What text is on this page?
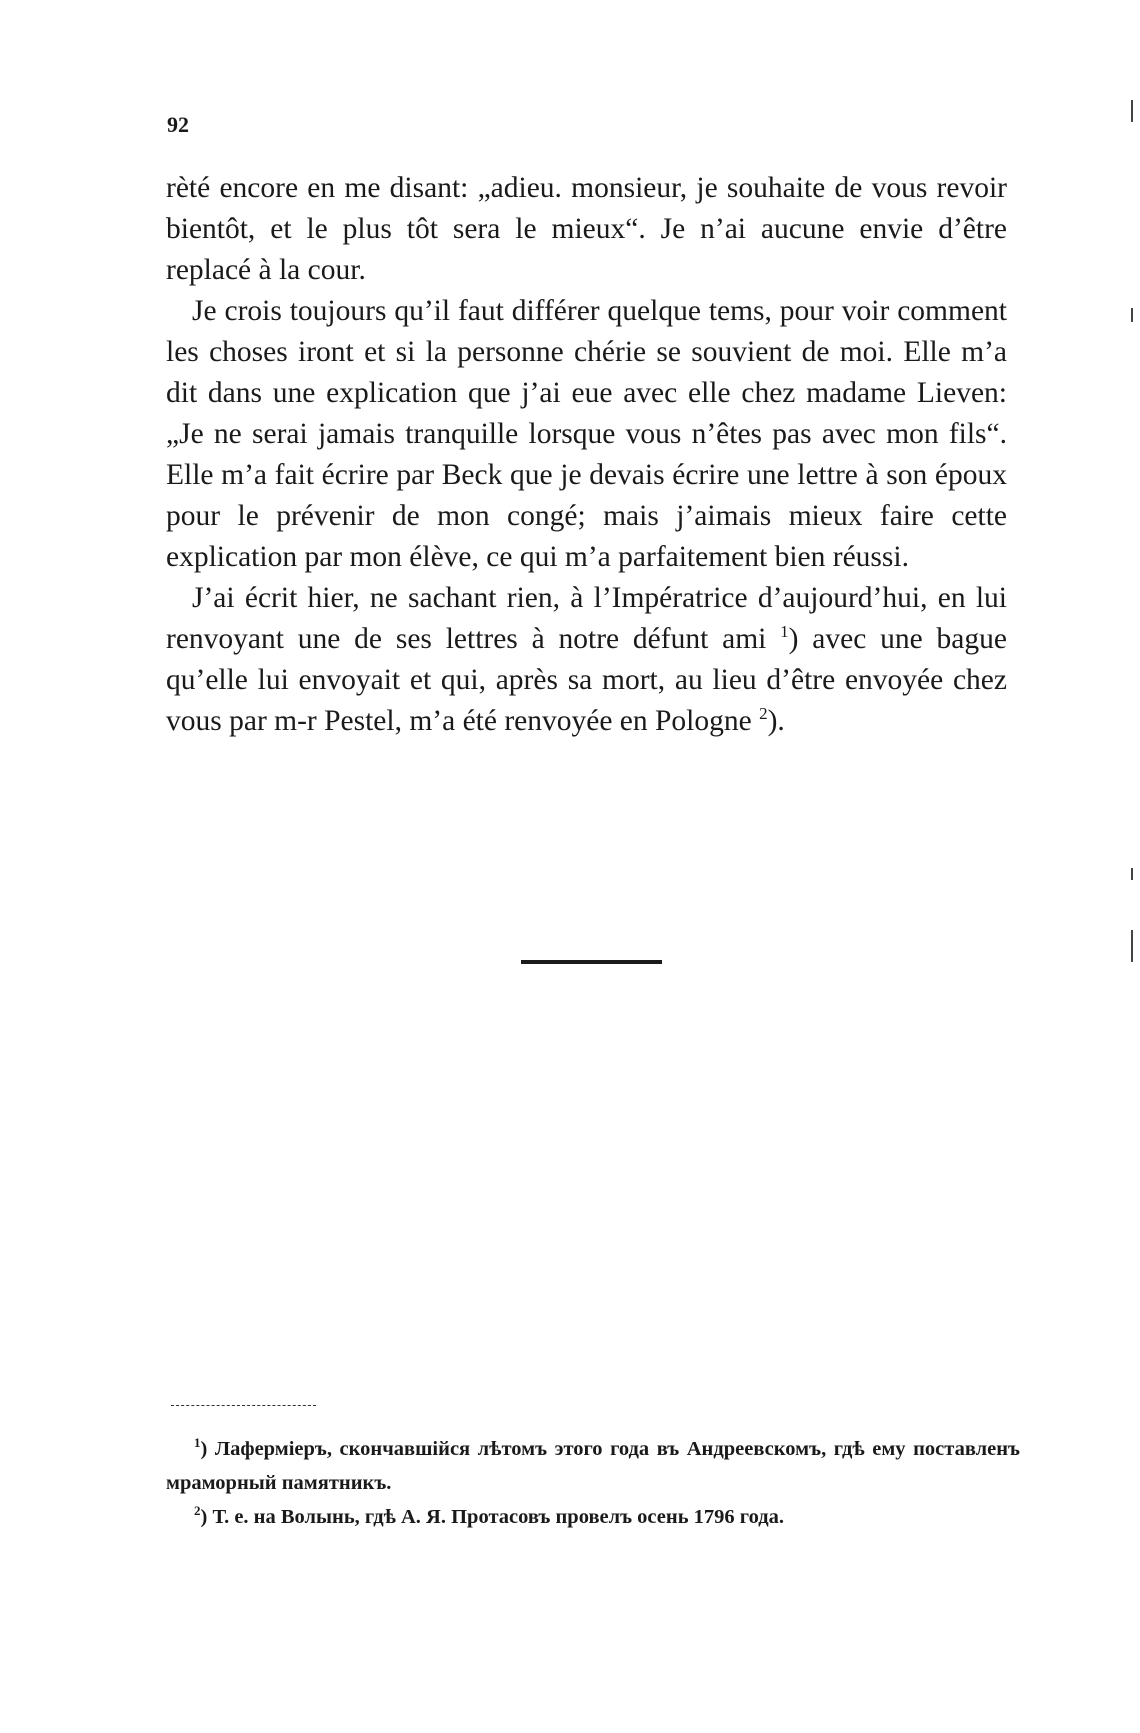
92

rèté encore en me disant: „adieu. monsieur, je souhaite de vous revoir bientôt, et le plus tôt sera le mieux“. Je n’ai aucune envie d’être replacé à la cour.

Je crois toujours qu’il faut différer quelque tems, pour voir comment les choses iront et si la personne chérie se souvient de moi. Elle m’a dit dans une explication que j’ai eue avec elle chez madame Lieven: „Je ne serai jamais tranquille lorsque vous n’êtes pas avec mon fils“. Elle m’a fait écrire par Beck que je devais écrire une lettre à son époux pour le prévenir de mon congé; mais j’aimais mieux faire cette explication par mon élève, ce qui m’a parfaitement bien réussi.

J’ai écrit hier, ne sachant rien, à l’Impératrice d’aujourd’hui, en lui renvoyant une de ses lettres à notre défunt ami $^1$) avec une bague qu’elle lui envoyait et qui, après sa mort, au lieu d’être envoyée chez vous par m-r Pestel, m’a été renvoyée en Pologne $^2$).

$^1$) Лаферміеръ, скончавшійся лѣтомъ этого года въ Андреевскомъ, гдѣ ему поставленъ мраморный памятникъ.

$^2$) Т. е. на Волынь, гдѣ А. Я. Протасовъ провелъ осень 1796 года.
